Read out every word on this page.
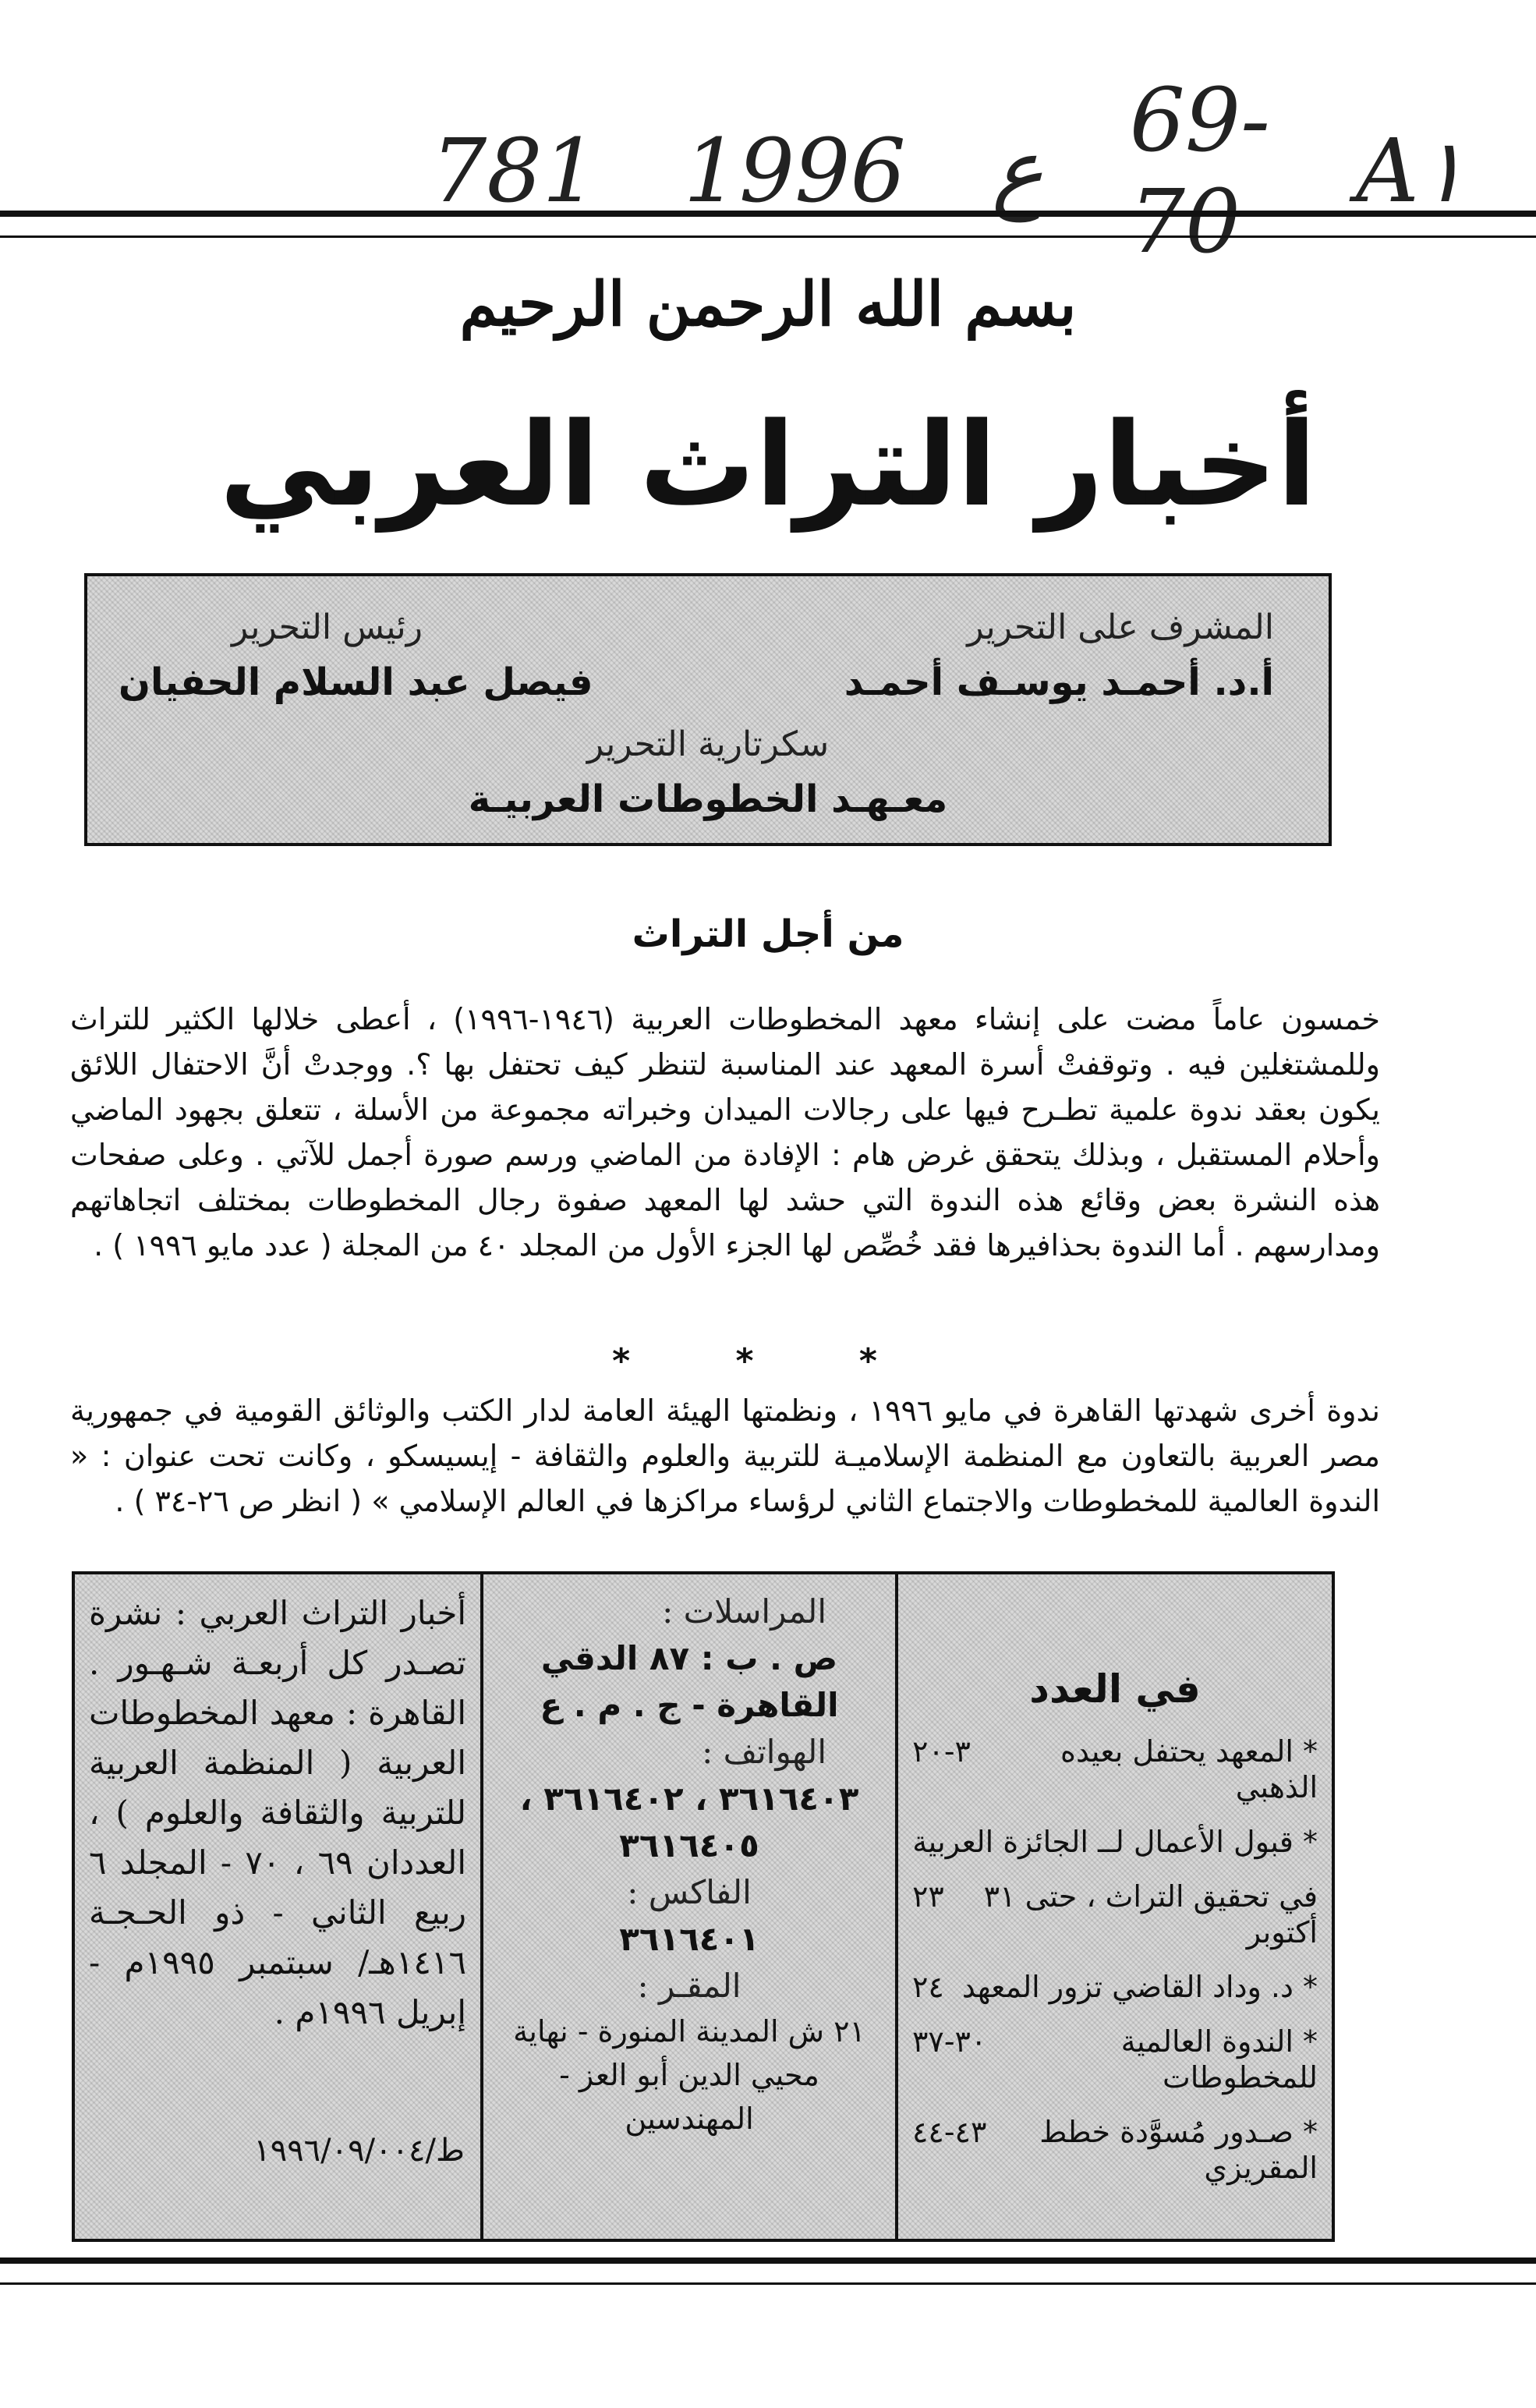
781 1996 ع 69-70	A١
بسم الله الرحمن الرحيم
أخبار التراث العربي
المشرف على التحرير
أ.د. أحمـد يوسـف أحمـد
رئيس التحرير
فيصل عبد السلام الحفيان
سكرتارية التحرير
معـهـد الخطوطات العربيـة
من أجل التراث
خمسون عاماً مضت على إنشاء معهد المخطوطات العربية (١٩٤٦-١٩٩٦) ، أعطى خلالها الكثير للتراث وللمشتغلين فيه . وتوقفتْ أسرة المعهد عند المناسبة لتنظر كيف تحتفل بها ؟. ووجدتْ أنَّ الاحتفال اللائق يكون بعقد ندوة علمية تطـرح فيها على رجالات الميدان وخبراته مجموعة من الأسلة ، تتعلق بجهود الماضي وأحلام المستقبل ، وبذلك يتحقق غرض هام : الإفادة من الماضي ورسم صورة أجمل للآتي . وعلى صفحات هذه النشرة بعض وقائع هذه الندوة التي حشد لها المعهد صفوة رجال المخطوطات بمختلف اتجاهاتهم ومدارسهم . أما الندوة بحذافيرها فقد خُصِّص لها الجزء الأول من المجلد ٤٠ من المجلة ( عدد مايو ١٩٩٦ ) .
* * *
ندوة أخرى شهدتها القاهرة في مايو ١٩٩٦ ، ونظمتها الهيئة العامة لدار الكتب والوثائق القومية في جمهورية مصر العربية بالتعاون مع المنظمة الإسلاميـة للتربية والعلوم والثقافة - إيسيسكو ، وكانت تحت عنوان : « الندوة العالمية للمخطوطات والاجتماع الثاني لرؤساء مراكزها في العالم الإسلامي » ( انظر ص ٢٦-٣٤ ) .
في العدد
* المعهد يحتفل بعيده الذهبي
٣-٢٠
* قبول الأعمال لــ الجائزة العربية
في تحقيق التراث ، حتى ٣١ أكتوبر
٢٣
* د. وداد القاضي تزور المعهد
٢٤
* الندوة العالمية للمخطوطات
٣٠-٣٧
* صـدور مُسوَّدة خطط المقريزي
٤٣-٤٤
المراسلات :
ص . ب : ٨٧ الدقي
القاهرة - ج . م . ع
الهواتف :
٣٦١٦٤٠٣ ، ٣٦١٦٤٠٢ ،
٣٦١٦٤٠٥
الفاكس :
٣٦١٦٤٠١
المقـر :
٢١ ش المدينة المنورة - نهاية
محيي الدين أبو العز - المهندسين
أخبار التراث العربي : نشرة تصـدر كل أربعـة شـهـور . القاهرة : معهد المخطوطات العربية ( المنظمة العربية للتربية والثقافة والعلوم ) ، العددان ٦٩ ، ٧٠ - المجلد ٦ ربيع الثاني - ذو الحـجـة ١٤١٦هـ/ سبتمبر ١٩٩٥م - إبريل ١٩٩٦م .
ط/١٩٩٦/٠٩/٠٠٤
